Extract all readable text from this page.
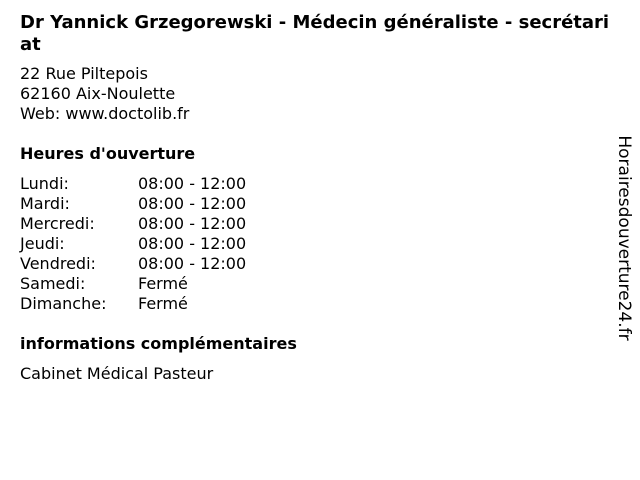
Dr Yannick Grzegorewski - Médecin généraliste - secrétariat
22 Rue Piltepois
62160 Aix-Noulette
Web: www.doctolib.fr
Heures d'ouverture
Lundi:	08:00 - 12:00
Mardi:	08:00 - 12:00
Mercredi:	08:00 - 12:00
Jeudi:	08:00 - 12:00
Vendredi:	08:00 - 12:00
Samedi:	Fermé
Dimanche: Fermé
informations complémentaires
Cabinet Médical Pasteur
Horairesdouverture24.fr
